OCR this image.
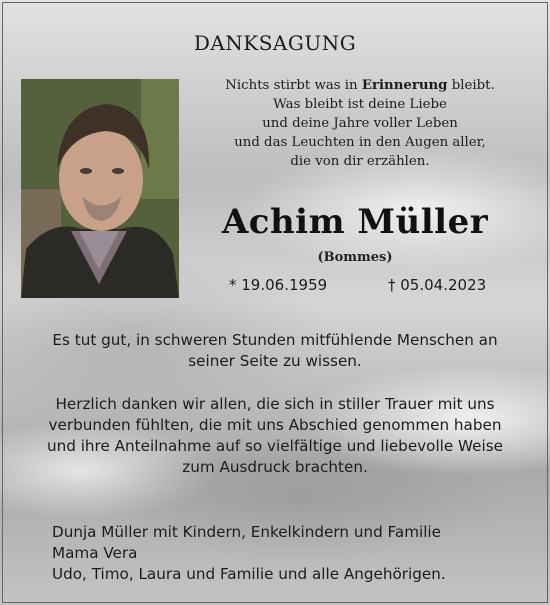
DANKSAGUNG
Nichts stirbt was in Erinnerung bleibt.
Was bleibt ist deine Liebe
und deine Jahre voller Leben
und das Leuchten in den Augen aller,
die von dir erzählen.
Achim Müller
(Bommes)
* 19.06.1959	† 05.04.2023
Es tut gut, in schweren Stunden mitfühlende Menschen an
seiner Seite zu wissen.
Herzlich danken wir allen, die sich in stiller Trauer mit uns
verbunden fühlten, die mit uns Abschied genommen haben
und ihre Anteilnahme auf so vielfältige und liebevolle Weise
zum Ausdruck brachten.
Dunja Müller mit Kindern, Enkelkindern und Familie
Mama Vera
Udo, Timo, Laura und Familie und alle Angehörigen.
